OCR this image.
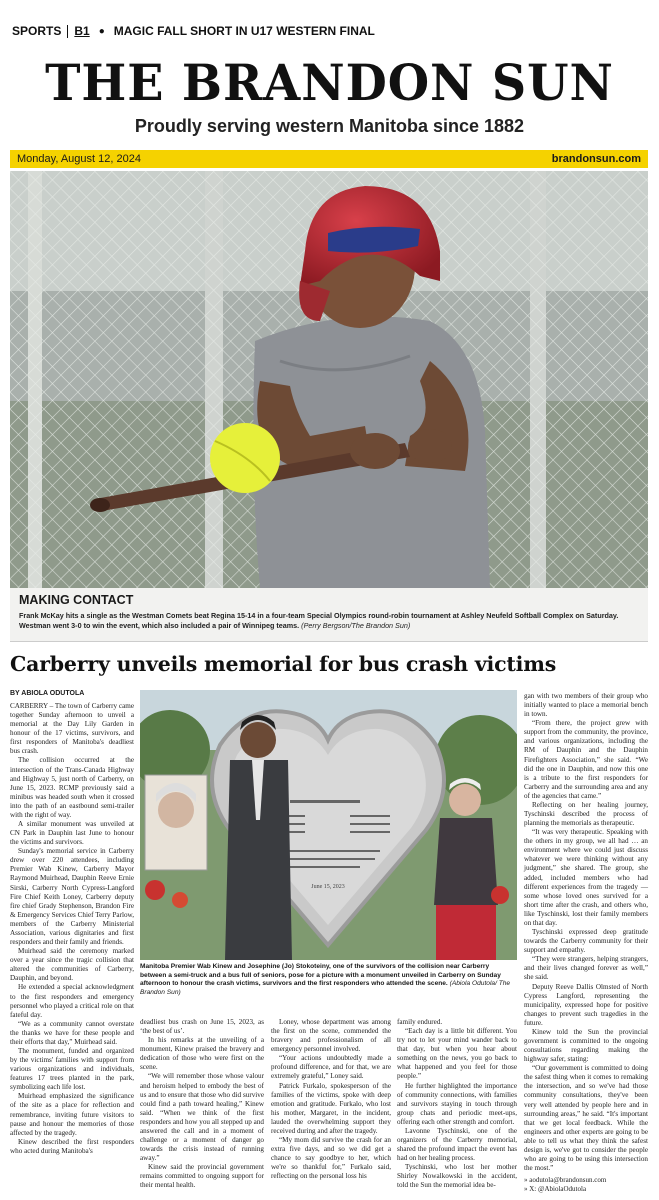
SPORTS B1 ● MAGIC FALL SHORT IN U17 WESTERN FINAL
THE BRANDON SUN
Proudly serving western Manitoba since 1882
Monday, August 12, 2024	brandonsun.com
MAKING CONTACT
Frank McKay hits a single as the Westman Comets beat Regina 15-14 in a four-team Special Olympics round-robin tournament at Ashley Neufeld Softball Complex on Saturday. Westman went 3-0 to win the event, which also included a pair of Winnipeg teams. (Perry Bergson/The Brandon Sun)
Carberry unveils memorial for bus crash victims
BY ABIOLA ODUTOLA

CARBERRY – The town of Carberry came together Sunday afternoon to unveil a memorial at the Day Lily Garden in honour of the 17 victims, survivors, and first responders of Manitoba's deadliest bus crash.

The collision occurred at the intersection of the Trans-Canada Highway and Highway 5, just north of Carberry, on June 15, 2023. RCMP previously said a minibus was headed south when it crossed into the path of an eastbound semi-trailer with the right of way.

A similar monument was unveiled at CN Park in Dauphin last June to honour the victims and survivors.

Sunday's memorial service in Carberry drew over 220 attendees, including Premier Wab Kinew, Carberry Mayor Raymond Muirhead, Dauphin Reeve Ernie Sirski, Carberry North Cypress-Langford Fire Chief Keith Loney, Carberry deputy fire chief Grady Stephenson, Brandon Fire & Emergency Services Chief Terry Parlow, members of the Carberry Ministerial Association, various dignitaries and first responders and their family and friends.

Muirhead said the ceremony marked over a year since the tragic collision that altered the communities of Carberry, Dauphin, and beyond.

He extended a special acknowledgment to the first responders and emergency personnel who played a critical role on that fateful day.

“We as a community cannot overstate the thanks we have for these people and their efforts that day,” Muirhead said.

The monument, funded and organized by the victims' families with support from various organizations and individuals, features 17 trees planted in the park, symbolizing each life lost.

Muirhead emphasized the significance of the site as a place for reflection and remembrance, inviting future visitors to pause and honour the memories of those affected by the tragedy.

Kinew described the first responders who acted during Manitoba's

June 15, 2023
Manitoba Premier Wab Kinew and Josephine (Jo) Stokoteiny, one of the survivors of the collision near Carberry between a semi-truck and a bus full of seniors, pose for a picture with a monument unveiled in Carberry on Sunday afternoon to honour the crash victims, survivors and the first responders who attended the scene. (Abiola Odutola/ The Brandon Sun)

deadliest bus crash on June 15, 2023, as ‘the best of us’.

In his remarks at the unveiling of a monument, Kinew praised the bravery and dedication of those who were first on the scene.

“We will remember those whose valour and heroism helped to embody the best of us and to ensure that those who did survive could find a path toward healing,” Kinew said. “When we think of the first responders and how you all stepped up and answered the call and in a moment of challenge or a moment of danger go towards the crisis instead of running away.”

Kinew said the provincial government remains committed to ongoing support for their mental health.

Loney, whose department was among the first on the scene, commended the bravery and professionalism of all emergency personnel involved.

“Your actions undoubtedly made a profound difference, and for that, we are extremely grateful,” Loney said.

Patrick Furkalo, spokesperson of the families of the victims, spoke with deep emotion and gratitude. Furkalo, who lost his mother, Margaret, in the incident, lauded the overwhelming support they received during and after the tragedy.

“My mom did survive the crash for an extra five days, and so we did get a chance to say goodbye to her, which we're so thankful for,” Furkalo said, reflecting on the personal loss his

family endured.

“Each day is a little bit different. You try not to let your mind wander back to that day, but when you hear about something on the news, you go back to what happened and you feel for those people.”

He further highlighted the importance of community connections, with families and survivors staying in touch through group chats and periodic meet-ups, offering each other strength and comfort.

Lavonne Tyschinski, one of the organizers of the Carberry memorial, shared the profound impact the event has had on her healing process.

Tyschinski, who lost her mother Shirley Nowalkowski in the accident, told the Sun the memorial idea be-

gan with two members of their group who initially wanted to place a memorial bench in town.

“From there, the project grew with support from the community, the province, and various organizations, including the RM of Dauphin and the Dauphin Firefighters Association,” she said. “We did the one in Dauphin, and now this one is a tribute to the first responders for Carberry and the surrounding area and any of the agencies that came.”

Reflecting on her healing journey, Tyschinski described the process of planning the memorials as therapeutic.

“It was very therapeutic. Speaking with the others in my group, we all had … an environment where we could just discuss whatever we were thinking without any judgment,” she shared. The group, she added, included members who had different experiences from the tragedy — some whose loved ones survived for a short time after the crash, and others who, like Tyschinski, lost their family members on that day.

Tyschinski expressed deep gratitude towards the Carberry community for their support and empathy.

“They were strangers, helping strangers, and their lives changed forever as well,” she said.

Deputy Reeve Dallis Olmsted of North Cypress Langford, representing the municipality, expressed hope for positive changes to prevent such tragedies in the future.

Kinew told the Sun the provincial government is committed to the ongoing consultations regarding making the highway safer, stating:

“Our government is committed to doing the safest thing when it comes to remaking the intersection, and so we've had those community consultations, they've been very well attended by people here and in surrounding areas,” he said. “It's important that we get local feedback. While the engineers and other experts are going to be able to tell us what they think the safest design is, we've got to consider the people who are going to be using this intersection the most.”

» aodutola@brandonsun.com
» X: @AbiolaOdutola
